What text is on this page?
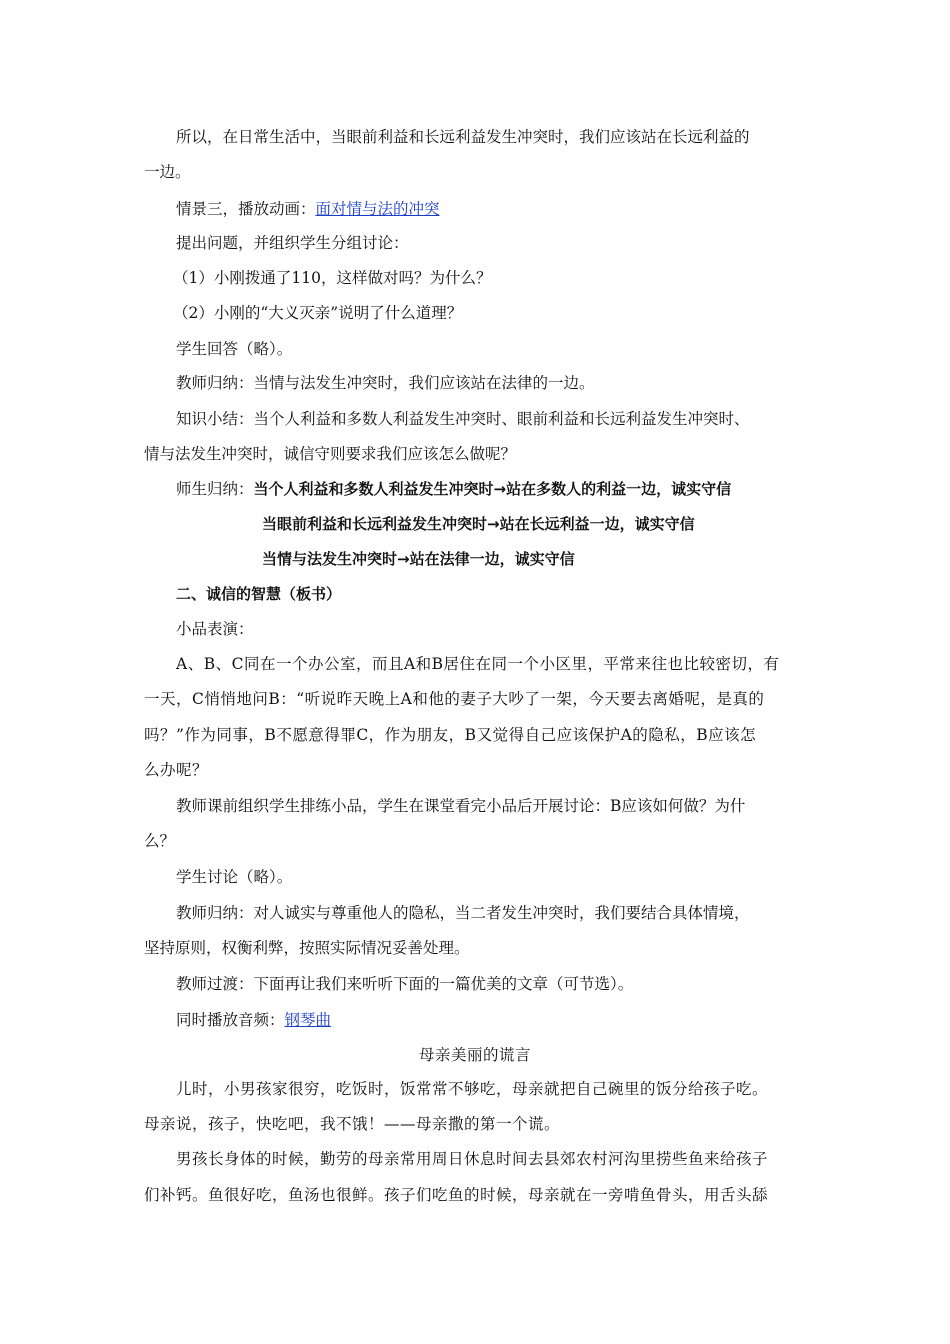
所以，在日常生活中，当眼前利益和长远利益发生冲突时，我们应该站在长远利益的
一边。
情景三，播放动画：面对情与法的冲突
提出问题，并组织学生分组讨论：
（1）小刚拨通了110，这样做对吗？为什么？
（2）小刚的“大义灭亲”说明了什么道理？
学生回答（略）。
教师归纳：当情与法发生冲突时，我们应该站在法律的一边。
知识小结：当个人利益和多数人利益发生冲突时、眼前利益和长远利益发生冲突时、
情与法发生冲突时，诚信守则要求我们应该怎么做呢？
师生归纳：当个人利益和多数人利益发生冲突时→站在多数人的利益一边，诚实守信
当眼前利益和长远利益发生冲突时→站在长远利益一边，诚实守信
当情与法发生冲突时→站在法律一边，诚实守信
二、诚信的智慧（板书）
小品表演：
A、B、C同在一个办公室，而且A和B居住在同一个小区里，平常来往也比较密切，有
一天，C悄悄地问B：“听说昨天晚上A和他的妻子大吵了一架，今天要去离婚呢，是真的
吗？”作为同事，B不愿意得罪C，作为朋友，B又觉得自己应该保护A的隐私，B应该怎
么办呢？
教师课前组织学生排练小品，学生在课堂看完小品后开展讨论：B应该如何做？为什
么？
学生讨论（略）。
教师归纳：对人诚实与尊重他人的隐私，当二者发生冲突时，我们要结合具体情境，
坚持原则，权衡利弊，按照实际情况妥善处理。
教师过渡：下面再让我们来听听下面的一篇优美的文章（可节选）。
同时播放音频：钢琴曲
母亲美丽的谎言
儿时，小男孩家很穷，吃饭时，饭常常不够吃，母亲就把自己碗里的饭分给孩子吃。
母亲说，孩子，快吃吧，我不饿！——母亲撒的第一个谎。
男孩长身体的时候，勤劳的母亲常用周日休息时间去县郊农村河沟里捞些鱼来给孩子
们补钙。鱼很好吃，鱼汤也很鲜。孩子们吃鱼的时候，母亲就在一旁啃鱼骨头，用舌头舔
